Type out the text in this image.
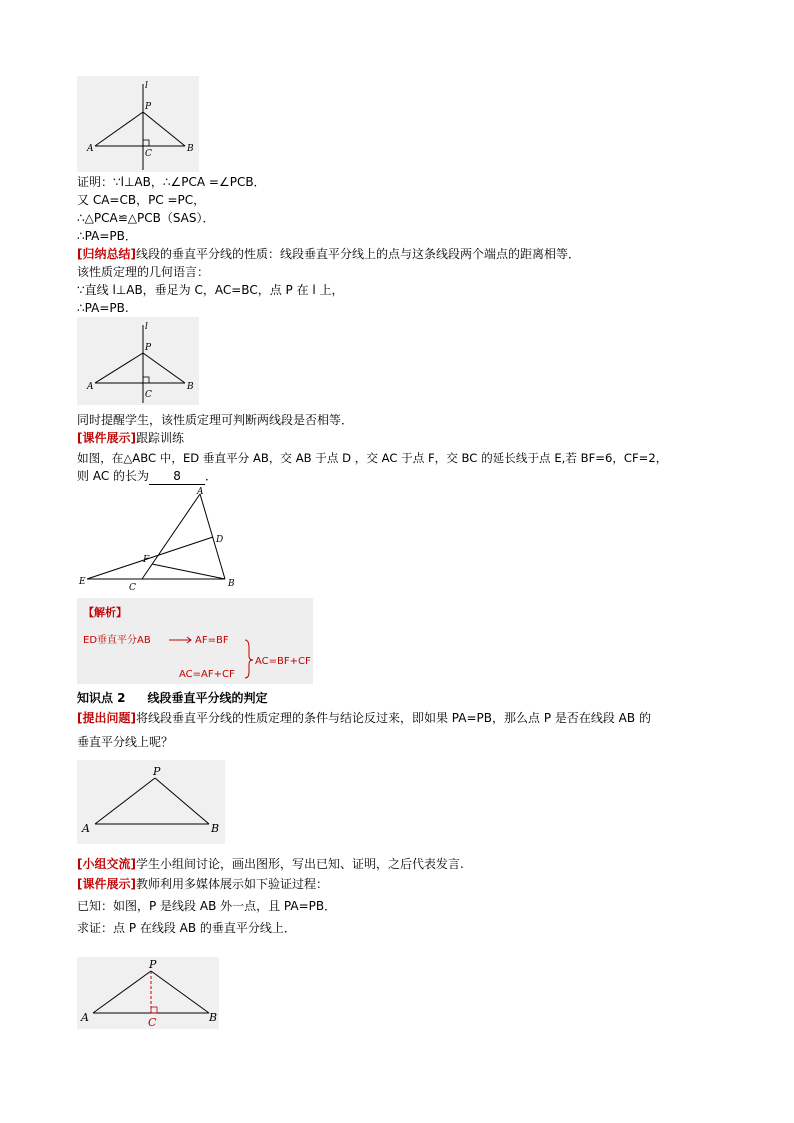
l
P
A	B
C
证明：∵l⊥AB，∴∠PCA =∠PCB．
又 CA=CB，PC =PC，
∴△PCA≌△PCB（SAS）．
∴PA=PB．
[归纳总结]线段的垂直平分线的性质：线段垂直平分线上的点与这条线段两个端点的距离相等．
该性质定理的几何语言：
∵直线 l⊥AB，垂足为 C，AC=BC，点 P 在 l 上，
∴PA=PB.
l
P
A	B
C
同时提醒学生，该性质定理可判断两线段是否相等．
[课件展示]跟踪训练
如图，在△ABC 中，ED 垂直平分 AB，交 AB 于点 D ，交 AC 于点 F，交 BC 的延长线于点 E,若 BF=6，CF=2，
则 AC 的长为 8 ．
A
D
F
E
C	B
【解析】
ED垂直平分AB	AF=BF
AC=AF+CF
AC=BF+CF
知识点 2 线段垂直平分线的判定
[提出问题]将线段垂直平分线的性质定理的条件与结论反过来，即如果 PA=PB，那么点 P 是否在线段 AB 的
垂直平分线上呢？
P
A	B
[小组交流]学生小组间讨论，画出图形，写出已知、证明，之后代表发言.
[课件展示]教师利用多媒体展示如下验证过程：
已知：如图，P 是线段 AB 外一点，且 PA=PB．
求证：点 P 在线段 AB 的垂直平分线上．
P
A	B
C
